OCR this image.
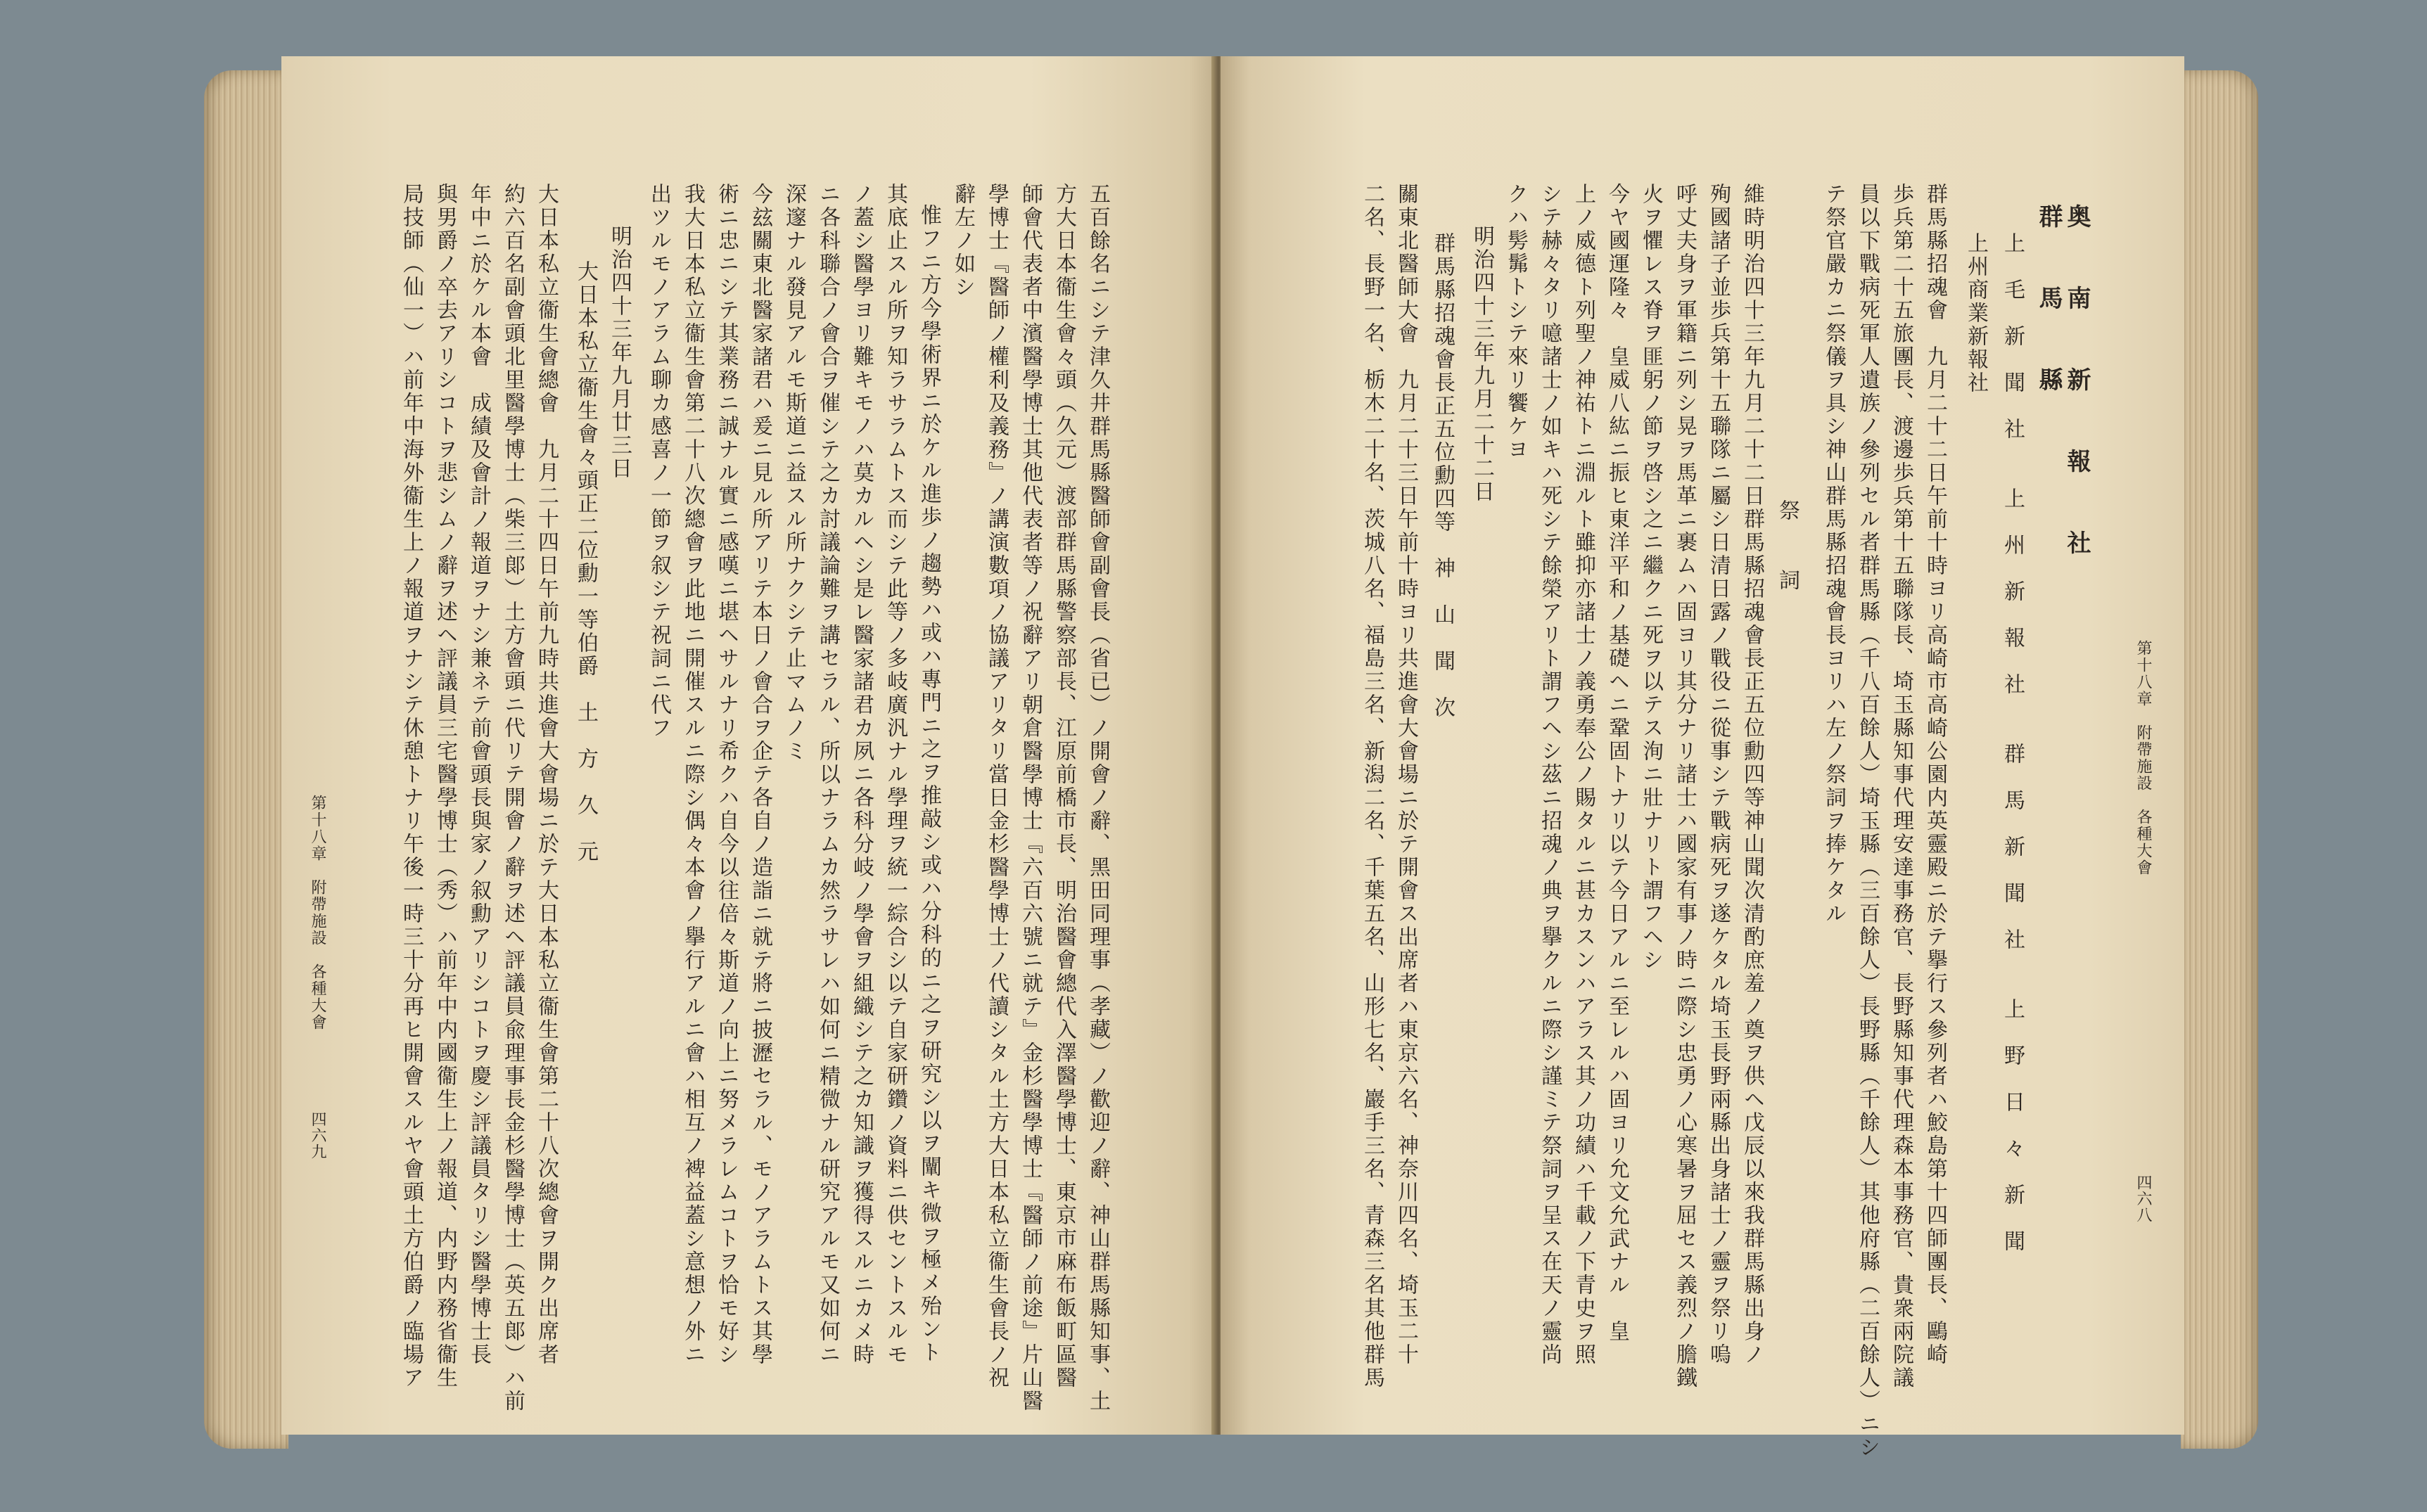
第十八章　附帶施設　各種大會
四六九	五百餘名ニシテ津久井群馬縣醫師會副會長（省已）ノ開會ノ辭、黑田同理事（孝藏）ノ歡迎ノ辭、神山群馬縣知事、土
方大日本衞生會々頭（久元）渡部群馬縣警察部長、江原前橋市長、明治醫會總代入澤醫學博士、東京市麻布飯町區醫
師會代表者中濱醫學博士其他代表者等ノ祝辭アリ朝倉醫學博士『六百六號ニ就テ』金杉醫學博士『醫師ノ前途』片山醫
學博士『醫師ノ權利及義務』ノ講演數項ノ協議アリタリ當日金杉醫學博士ノ代讀シタル土方大日本私立衞生會長ノ祝
辭左ノ如シ
惟フニ方今學術界ニ於ケル進歩ノ趨勢ハ或ハ專門ニ之ヲ推敲シ或ハ分科的ニ之ヲ研究シ以ヲ闡キ微ヲ極メ殆ント
其底止スル所ヲ知ラサラムトス而シテ此等ノ多岐廣汎ナル學理ヲ統一綜合シ以テ自家研鑽ノ資料ニ供セントスルモ
ノ蓋シ醫學ヨリ難キモノハ莫カルヘシ是レ醫家諸君カ夙ニ各科分岐ノ學會ヲ組織シテ之カ知識ヲ獲得スルニカメ時
ニ各科聯合ノ會合ヲ催シテ之カ討議論難ヲ講セラル、所以ナラムカ然ラサレハ如何ニ精微ナル研究アルモ又如何ニ
深邃ナル發見アルモ斯道ニ益スル所ナクシテ止マムノミ
今玆關東北醫家諸君ハ爰ニ見ル所アリテ本日ノ會合ヲ企テ各自ノ造詣ニ就テ將ニ披瀝セラル、モノアラムトス其學
術ニ忠ニシテ其業務ニ誠ナル實ニ感嘆ニ堪ヘサルナリ希クハ自今以往倍々斯道ノ向上ニ努メラレムコトヲ恰モ好シ
我大日本私立衞生會第二十八次總會ヲ此地ニ開催スルニ際シ偶々本會ノ擧行アルニ會ハ相互ノ裨益蓋シ意想ノ外ニ
出ツルモノアラム聊カ感喜ノ一節ヲ叙シテ祝詞ニ代フ
明治四十三年九月廿三日
大日本私立衞生會々頭正二位勳一等伯爵　土　方　久　元
大日本私立衞生會總會　九月二十四日午前九時共進會大會場ニ於テ大日本私立衞生會第二十八次總會ヲ開ク出席者
約六百名副會頭北里醫學博士（柴三郞）土方會頭ニ代リテ開會ノ辭ヲ述ヘ評議員兪理事長金杉醫學博士（英五郞）ハ前
年中ニ於ケル本會　成績及會計ノ報道ヲナシ兼ネテ前會頭長與家ノ叙勳アリシコトヲ慶シ評議員タリシ醫學博士長
與男爵ノ卒去アリシコトヲ悲シムノ辭ヲ述ヘ評議員三宅醫學博士（秀）ハ前年中内國衞生上ノ報道、内野内務省衞生
局技師（仙一）ハ前年中海外衞生上ノ報道ヲナシテ休憩トナリ午後一時三十分再ヒ開會スルヤ會頭土方伯爵ノ臨場ア	第十八章　附帶施設　各種大會
四六八
奥　南　新　報　社
群　馬　縣
上　毛　新　聞　社　　上　州　新　報　社　　群　馬　新　聞　社　　上　野　日　々　新　聞
上州商業新報社
群馬縣招魂會　九月二十二日午前十時ヨリ高崎市高崎公園内英靈殿ニ於テ擧行ス參列者ハ鮫島第十四師團長、鷗崎
歩兵第二十五旅團長、渡邊歩兵第十五聯隊長、埼玉縣知事代理安達事務官、長野縣知事代理森本事務官、貴衆兩院議
員以下戰病死軍人遺族ノ參列セル者群馬縣（千八百餘人）埼玉縣（三百餘人）長野縣（千餘人）其他府縣（二百餘人）ニシ
テ祭官嚴カニ祭儀ヲ具シ神山群馬縣招魂會長ヨリハ左ノ祭詞ヲ捧ケタル
祭　　詞
維時明治四十三年九月二十二日群馬縣招魂會長正五位勳四等神山聞次清酌庶羞ノ奠ヲ供ヘ戊辰以來我群馬縣出身ノ
殉國諸子並歩兵第十五聯隊ニ屬シ日清日露ノ戰役ニ從事シテ戰病死ヲ遂ケタル埼玉長野兩縣出身諸士ノ靈ヲ祭リ嗚
呼丈夫身ヲ軍籍ニ列シ晃ヲ馬革ニ裹ムハ固ヨリ其分ナリ諸士ハ國家有事ノ時ニ際シ忠勇ノ心寒暑ヲ屈セス義烈ノ膽鐵
火ヲ懼レス脊ヲ匪躬ノ節ヲ啓シ之ニ繼クニ死ヲ以テス洵ニ壯ナリト謂フヘシ
今ヤ國運隆々　皇威八紘ニ振ヒ東洋平和ノ基礎ヘニ鞏固トナリ以テ今日アルニ至レルハ固ヨリ允文允武ナル　皇
上ノ威德ト列聖ノ神祐トニ淵ルト雖抑亦諸士ノ義勇奉公ノ賜タルニ甚カスンハアラス其ノ功績ハ千載ノ下青史ヲ照
シテ赫々タリ噫諸士ノ如キハ死シテ餘榮アリト謂フヘシ茲ニ招魂ノ典ヲ擧クルニ際シ謹ミテ祭詞ヲ呈ス在天ノ靈尚
クハ髣髴トシテ來リ饗ケヨ
明治四十三年九月二十二日
群馬縣招魂會長正五位勳四等　神　山　聞　次
關東北醫師大會　九月二十三日午前十時ヨリ共進會大會場ニ於テ開會ス出席者ハ東京六名、神奈川四名、埼玉二十
二名、長野一名、栃木二十名、茨城八名、福島三名、新潟二名、千葉五名、山形七名、巖手三名、青森三名其他群馬
